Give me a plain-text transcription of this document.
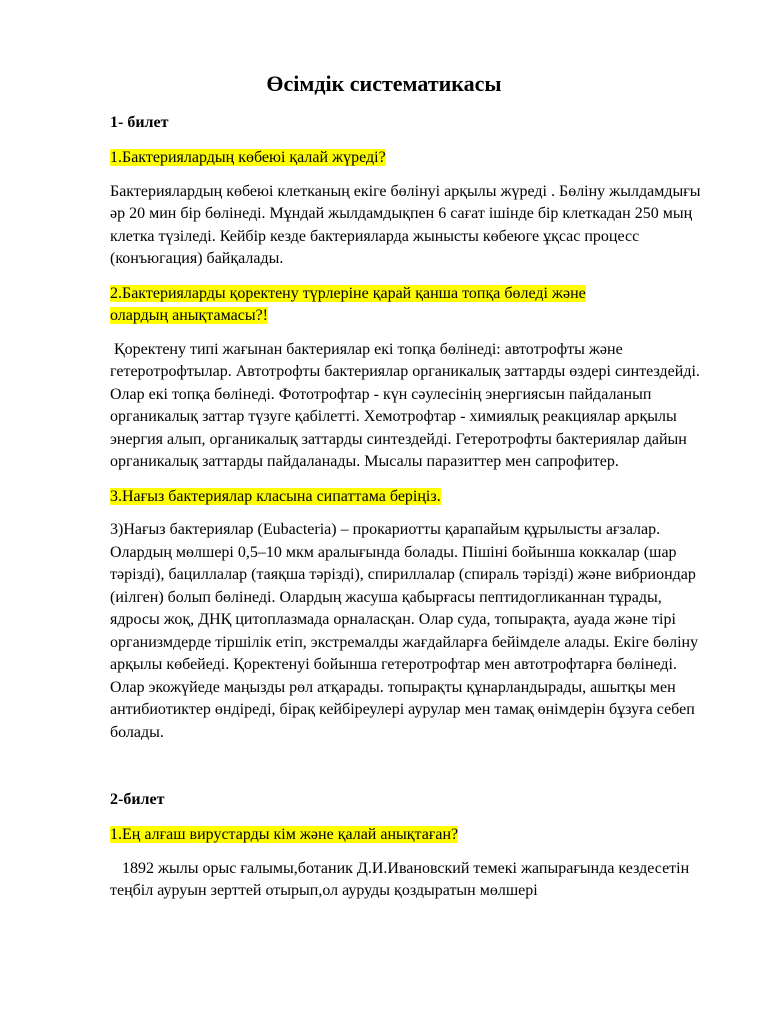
Өсімдік систематикасы

1- билет

1.Бактериялардың көбеюі қалай жүреді?

Бактериялардың көбеюі клетканың екіге бөлінуі арқылы жүреді . Бөліну жылдамдығы әр 20 мин бір бөлінеді. Мұндай жылдамдықпен 6 сағат ішінде бір клеткадан 250 мың клетка түзіледі. Кейбір кезде бактерияларда жынысты көбеюге ұқсас процесс (конъюгация) байқалады.

2.Бактерияларды қоректену түрлеріне қарай қанша топқа бөледі және
олардың анықтамасы?!

Қоректену типі жағынан бактериялар екі топқа бөлінеді: автотрофты және гетеротрофтылар. Автотрофты бактериялар органикалық заттарды өздері синтездейді. Олар екі топқа бөлінеді. Фототрофтар - күн сәулесінің энергиясын пайдаланып органикалық заттар түзуге қабілетті. Хемотрофтар - химиялық реакциялар арқылы энергия алып, органикалық заттарды синтездейді. Гетеротрофты бактериялар дайын органикалық заттарды пайдаланады. Мысалы паразиттер мен сапрофитер.

3.Нағыз бактериялар класына сипаттама беріңіз.

3)Нағыз бактериялар (Eubacteria) – прокариотты қарапайым құрылысты ағзалар. Олардың мөлшері 0,5–10 мкм аралығында болады. Пішіні бойынша коккалар (шар тәрізді), бациллалар (таяқша тәрізді), спириллалар (спираль тәрізді) және вибриондар (иілген) болып бөлінеді. Олардың жасуша қабырғасы пептидогликаннан тұрады, ядросы жоқ, ДНҚ цитоплазмада орналасқан. Олар суда, топырақта, ауада және тірі организмдерде тіршілік етіп, экстремалды жағдайларға бейімделе алады. Екіге бөліну арқылы көбейеді. Қоректенуі бойынша гетеротрофтар мен автотрофтарға бөлінеді. Олар экожүйеде маңызды рөл атқарады. топырақты құнарландырады, ашытқы мен антибиотиктер өндіреді, бірақ кейбіреулері аурулар мен тамақ өнімдерін бұзуға себеп болады.

2-билет

1.Ең алғаш вирустарды кім және қалай анықтаған?

1892 жылы орыс ғалымы,ботаник Д.И.Ивановский темекі жапырағында кездесетін теңбіл ауруын зерттей отырып,ол ауруды қоздыратын мөлшері
